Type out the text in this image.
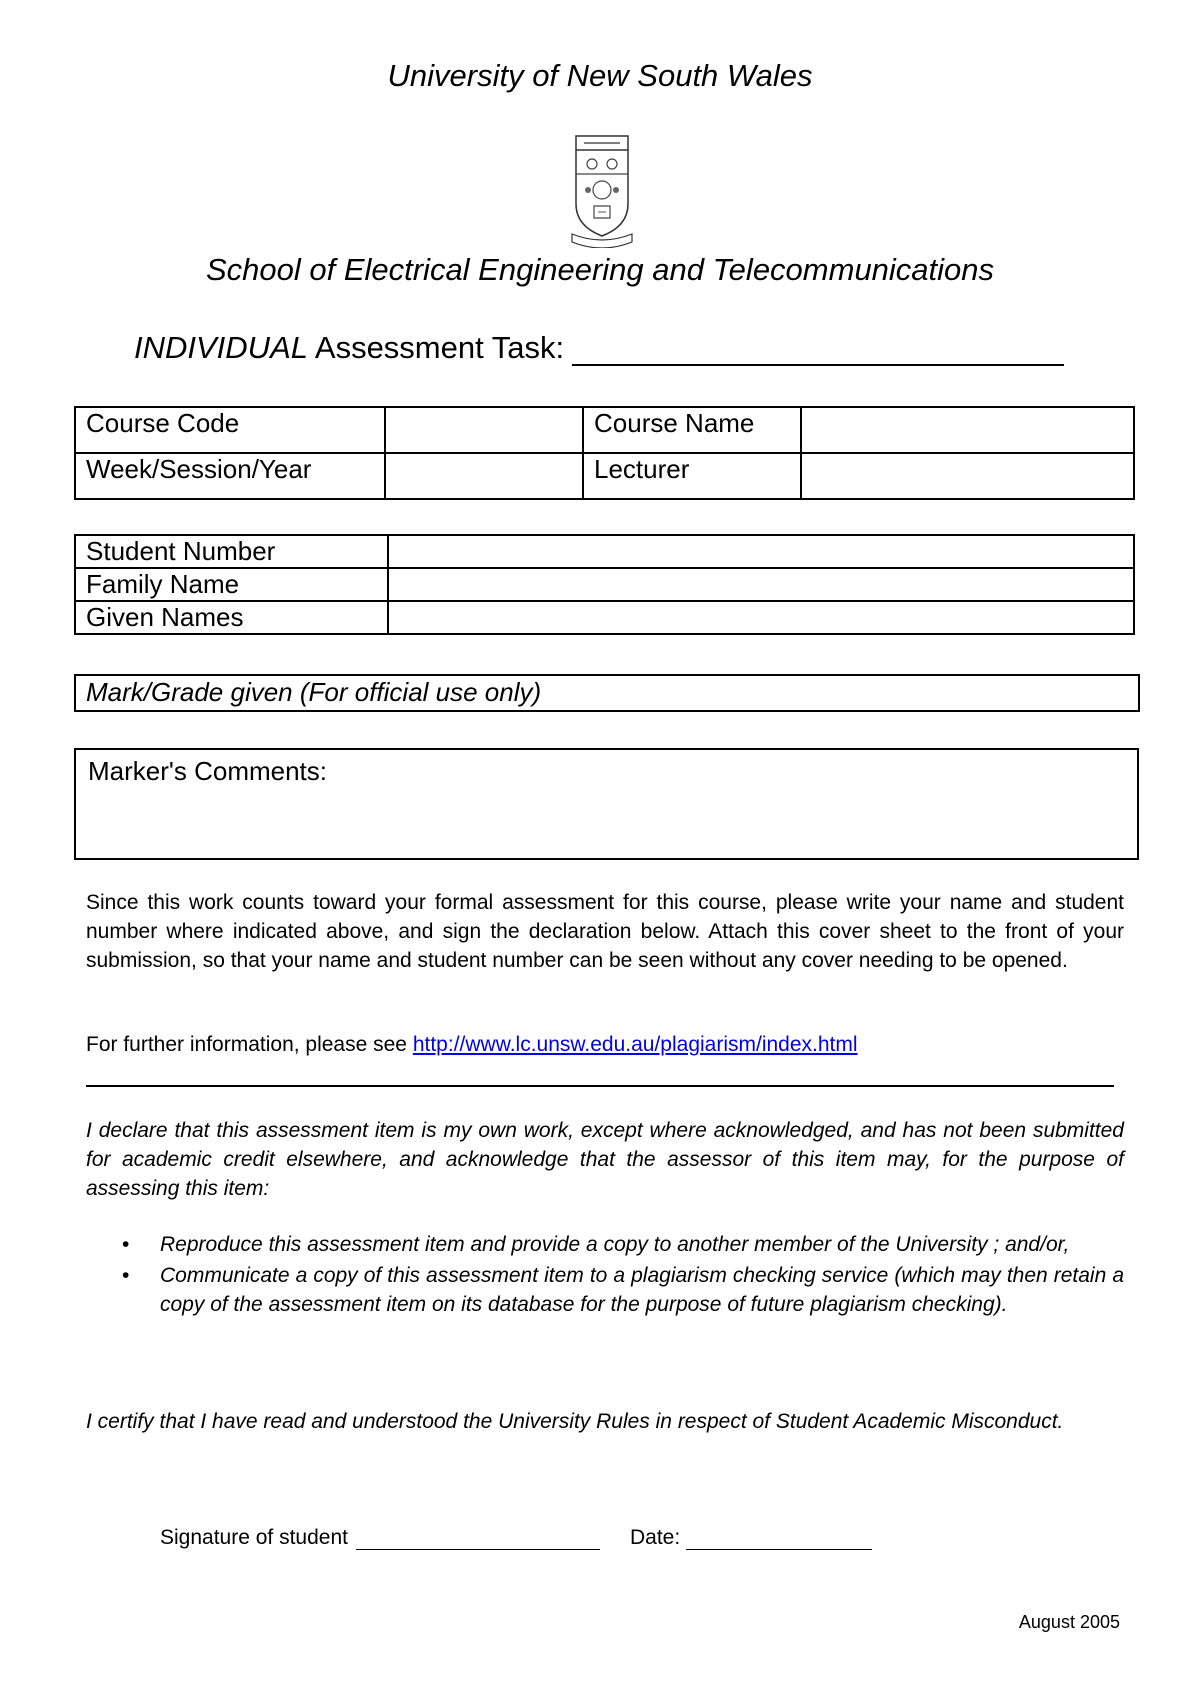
University of New South Wales
School of Electrical Engineering and Telecommunications
INDIVIDUAL Assessment Task:
Course Code		Course Name	
Week/Session/Year		Lecturer	
Student Number	
Family Name	
Given Names	
Mark/Grade given (For official use only)
Marker's Comments:
Since this work counts toward your formal assessment for this course, please write your name and student number where indicated above, and sign the declaration below. Attach this cover sheet to the front of your submission, so that your name and student number can be seen without any cover needing to be opened.
For further information, please see http://www.lc.unsw.edu.au/plagiarism/index.html
I declare that this assessment item is my own work, except where acknowledged, and has not been submitted for academic credit elsewhere, and acknowledge that the assessor of this item may, for the purpose of assessing this item:
• Reproduce this assessment item and provide a copy to another member of the University ; and/or,
• Communicate a copy of this assessment item to a plagiarism checking service (which may then retain a copy of the assessment item on its database for the purpose of future plagiarism checking).
I certify that I have read and understood the University Rules in respect of Student Academic Misconduct.
Signature of student	Date:
August 2005
